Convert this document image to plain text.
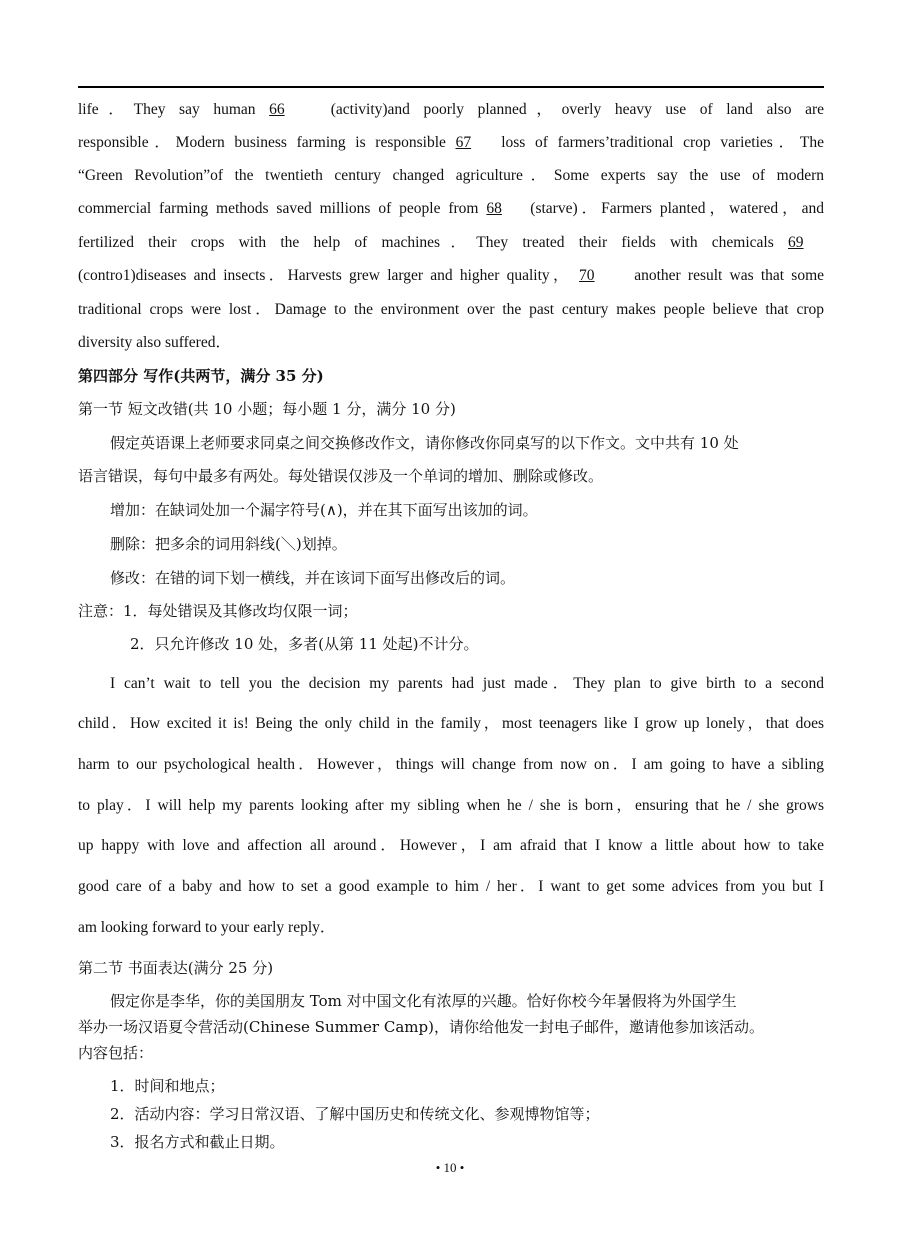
life．They say human 66	(activity)and poorly planned，overly heavy use of land also are
responsible．Modern business farming is responsible 67 loss of farmers’traditional crop varieties．The
“Green Revolution”of the twentieth century changed agriculture．Some experts say the use of modern
commercial farming methods saved millions of people from 68 (starve)．Farmers planted，watered，and
fertilized their crops with the help of machines．They treated their fields with chemicals 69
(contro1)diseases and insects．Harvests grew larger and higher quality， 70	another result was that some
traditional crops were lost．Damage to the environment over the past century makes people believe that crop
diversity also suffered．
第四部分 写作(共两节，满分 35 分)
第一节 短文改错(共 10 小题；每小题 1 分，满分 10 分)
假定英语课上老师要求同桌之间交换修改作文，请你修改你同桌写的以下作文。文中共有 10 处
语言错误，每句中最多有两处。每处错误仅涉及一个单词的增加、删除或修改。
增加：在缺词处加一个漏字符号(∧)，并在其下面写出该加的词。
删除：把多余的词用斜线(＼)划掉。
修改：在错的词下划一横线，并在该词下面写出修改后的词。
注意：1．每处错误及其修改均仅限一词；
2．只允许修改 10 处，多者(从第 11 处起)不计分。
I can’t wait to tell you the decision my parents had just made．They plan to give birth to a second
child．How excited it is! Being the only child in the family，most teenagers like I grow up lonely，that does
harm to our psychological health．However，things will change from now on．I am going to have a sibling
to play．I will help my parents looking after my sibling when he / she is born，ensuring that he / she grows
up happy with love and affection all around．However，I am afraid that I know a little about how to take
good care of a baby and how to set a good example to him / her．I want to get some advices from you but I
am looking forward to your early reply．
第二节 书面表达(满分 25 分)
假定你是李华，你的美国朋友 Tom 对中国文化有浓厚的兴趣。恰好你校今年暑假将为外国学生
举办一场汉语夏令营活动(Chinese Summer Camp)，请你给他发一封电子邮件，邀请他参加该活动。
内容包括：
1．时间和地点；
2．活动内容：学习日常汉语、了解中国历史和传统文化、参观博物馆等；
3．报名方式和截止日期。
• 10 •
